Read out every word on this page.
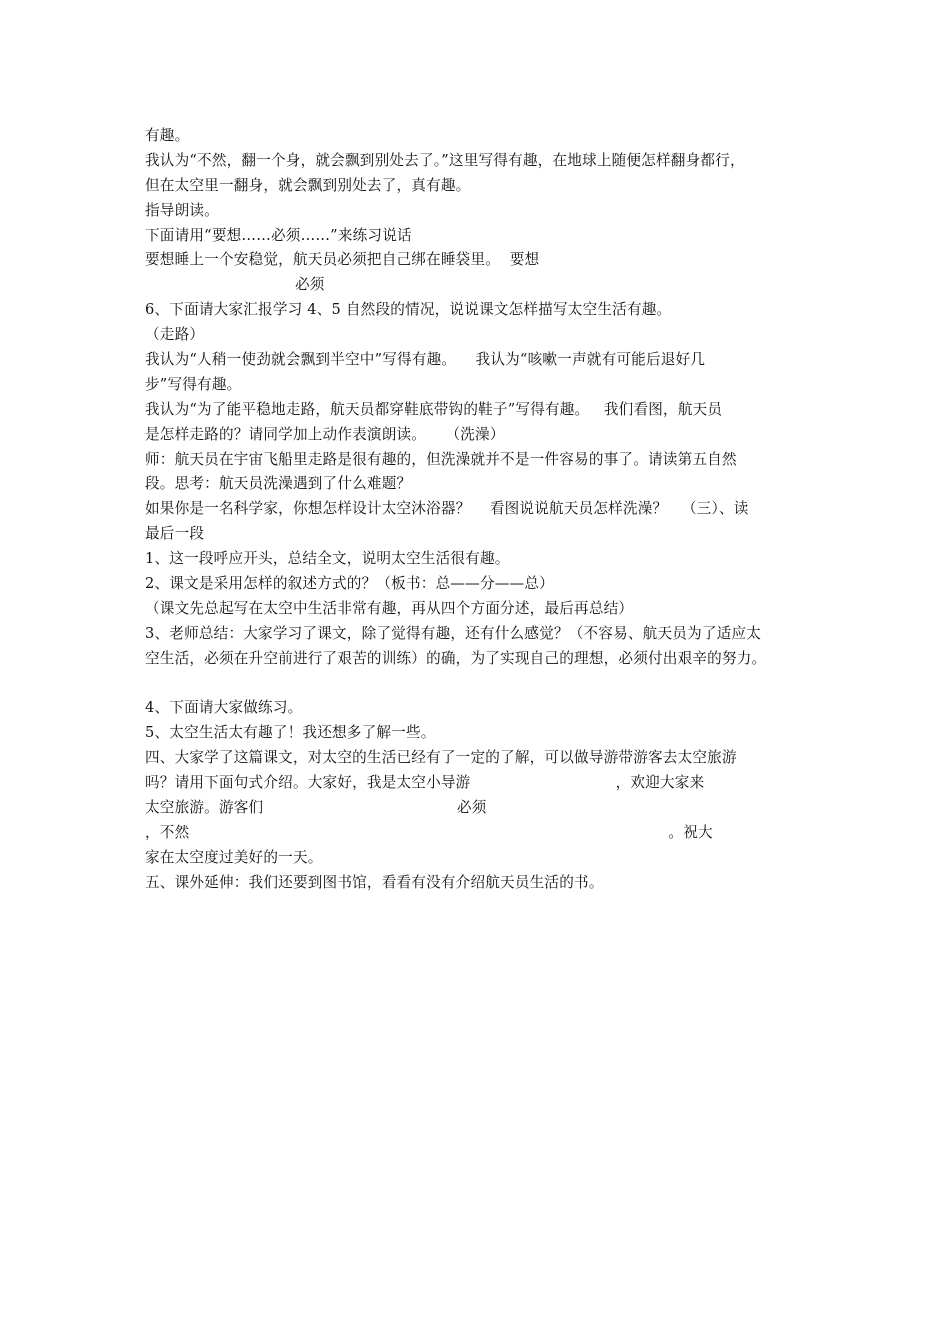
有趣。
我认为“不然，翻一个身，就会飘到别处去了。”这里写得有趣，在地球上随便怎样翻身都行，
但在太空里一翻身，就会飘到别处去了，真有趣。
指导朗读。
下面请用“要想……必须……”来练习说话
要想睡上一个安稳觉，航天员必须把自己绑在睡袋里。  要想
必须
6、下面请大家汇报学习 4、5 自然段的情况，说说课文怎样描写太空生活有趣。
（走路）
我认为“人稍一使劲就会飘到半空中”写得有趣。    我认为“咳嗽一声就有可能后退好几
步”写得有趣。
我认为“为了能平稳地走路，航天员都穿鞋底带钩的鞋子”写得有趣。   我们看图，航天员
是怎样走路的？请同学加上动作表演朗读。    （洗澡）
师：航天员在宇宙飞船里走路是很有趣的，但洗澡就并不是一件容易的事了。请读第五自然
段。思考：航天员洗澡遇到了什么难题？
如果你是一名科学家，你想怎样设计太空沐浴器？    看图说说航天员怎样洗澡？   （三）、读
最后一段
1、这一段呼应开头，总结全文，说明太空生活很有趣。
2、课文是采用怎样的叙述方式的？（板书：总——分——总）
（课文先总起写在太空中生活非常有趣，再从四个方面分述，最后再总结）
3、老师总结：大家学习了课文，除了觉得有趣，还有什么感觉？（不容易、航天员为了适应太
空生活，必须在升空前进行了艰苦的训练）的确，为了实现自己的理想，必须付出艰辛的努力。
4、下面请大家做练习。
5、太空生活太有趣了！我还想多了解一些。
四、大家学了这篇课文，对太空的生活已经有了一定的了解，可以做导游带游客去太空旅游
吗？请用下面句式介绍。大家好，我是太空小导游                              ，欢迎大家来
太空旅游。游客们                                        必须
，不然                                                                                                   。祝大
家在太空度过美好的一天。
五、课外延伸：我们还要到图书馆，看看有没有介绍航天员生活的书。
